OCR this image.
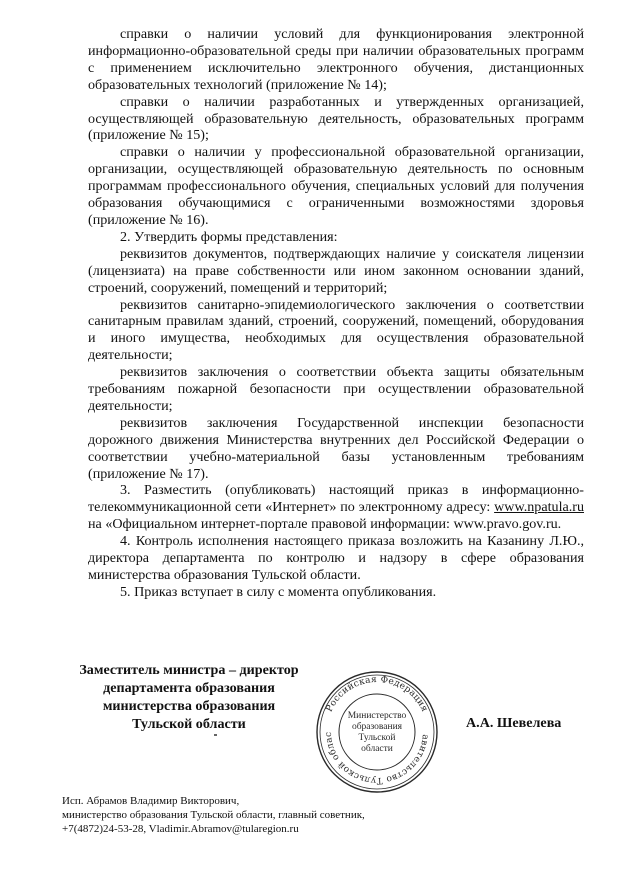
справки о наличии условий для функционирования электронной информационно-образовательной среды при наличии образовательных программ с применением исключительно электронного обучения, дистанционных образовательных технологий (приложение № 14);

справки о наличии разработанных и утвержденных организацией, осуществляющей образовательную деятельность, образовательных программ (приложение № 15);

справки о наличии у профессиональной образовательной организации, организации, осуществляющей образовательную деятельность по основным программам профессионального обучения, специальных условий для получения образования обучающимися с ограниченными возможностями здоровья (приложение № 16).

2. Утвердить формы представления:

реквизитов документов, подтверждающих наличие у соискателя лицензии (лицензиата) на праве собственности или ином законном основании зданий, строений, сооружений, помещений и территорий;

реквизитов санитарно-эпидемиологического заключения о соответствии санитарным правилам зданий, строений, сооружений, помещений, оборудования и иного имущества, необходимых для осуществления образовательной деятельности;

реквизитов заключения о соответствии объекта защиты обязательным требованиям пожарной безопасности при осуществлении образовательной деятельности;

реквизитов заключения Государственной инспекции безопасности дорожного движения Министерства внутренних дел Российской Федерации о соответствии учебно-материальной базы установленным требованиям (приложение № 17).

3. Разместить (опубликовать) настоящий приказ в информационно-телекоммуникационной сети «Интернет» по электронному адресу: www.npatula.ru на «Официальном интернет-портале правовой информации: www.pravo.gov.ru.

4. Контроль исполнения настоящего приказа возложить на Казанину Л.Ю., директора департамента по контролю и надзору в сфере образования министерства образования Тульской области.

5. Приказ вступает в силу с момента опубликования.

Заместитель министра – директор
департамента образования
министерства образования
Тульской области
Российская Федерация
авительство Тульской облас
Министерство
образования
Тульской
области
А.А. Шевелева
Исп. Абрамов Владимир Викторович,
министерство образования Тульской области, главный советник,
+7(4872)24-53-28, Vladimir.Abramov@tularegion.ru
